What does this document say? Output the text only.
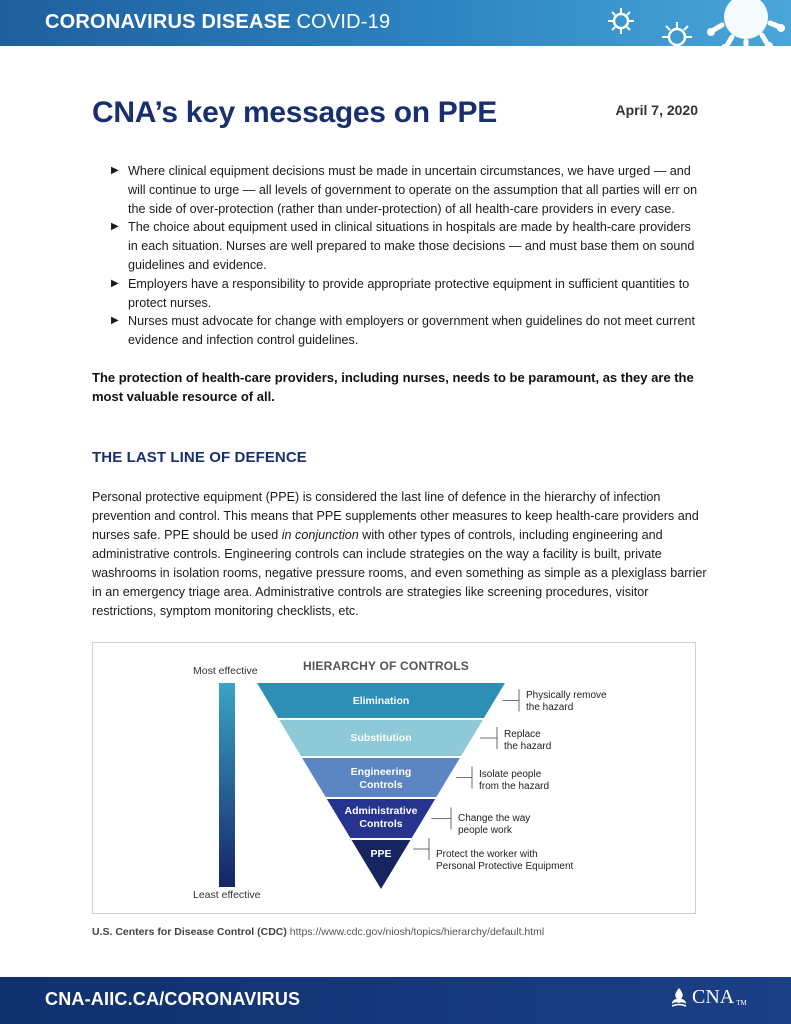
CORONAVIRUS DISEASE COVID-19
CNA’s key messages on PPE	April 7, 2020
▶ Where clinical equipment decisions must be made in uncertain circumstances, we have urged — and will continue to urge — all levels of government to operate on the assumption that all parties will err on the side of over-protection (rather than under-protection) of all health-care providers in every case.
▶ The choice about equipment used in clinical situations in hospitals are made by health-care providers in each situation. Nurses are well prepared to make those decisions — and must base them on sound guidelines and evidence.
▶ Employers have a responsibility to provide appropriate protective equipment in sufficient quantities to protect nurses.
▶ Nurses must advocate for change with employers or government when guidelines do not meet current evidence and infection control guidelines.
The protection of health-care providers, including nurses, needs to be paramount, as they are the most valuable resource of all.
THE LAST LINE OF DEFENCE

Personal protective equipment (PPE) is considered the last line of defence in the hierarchy of infection prevention and control. This means that PPE supplements other measures to keep health-care providers and nurses safe. PPE should be used in conjunction with other types of controls, including engineering and administrative controls. Engineering controls can include strategies on the way a facility is built, private washrooms in isolation rooms, negative pressure rooms, and even something as simple as a plexiglass barrier in an emergency triage area. Administrative controls are strategies like screening procedures, visitor restrictions, symptom monitoring checklists, etc.

HIERARCHY OF CONTROLS
Most effective
Least effective
Elimination

Substitution

Engineering
Controls
Administrative
Controls
PPE

Physically remove
the hazard
Replace
the hazard
Isolate people
from the hazard
Change the way
people work
Protect the worker with
Personal Protective Equipment
U.S. Centers for Disease Control (CDC) https://www.cdc.gov/niosh/topics/hierarchy/default.html
CNA-AIIC.CA/CORONAVIRUS	CNA TM
